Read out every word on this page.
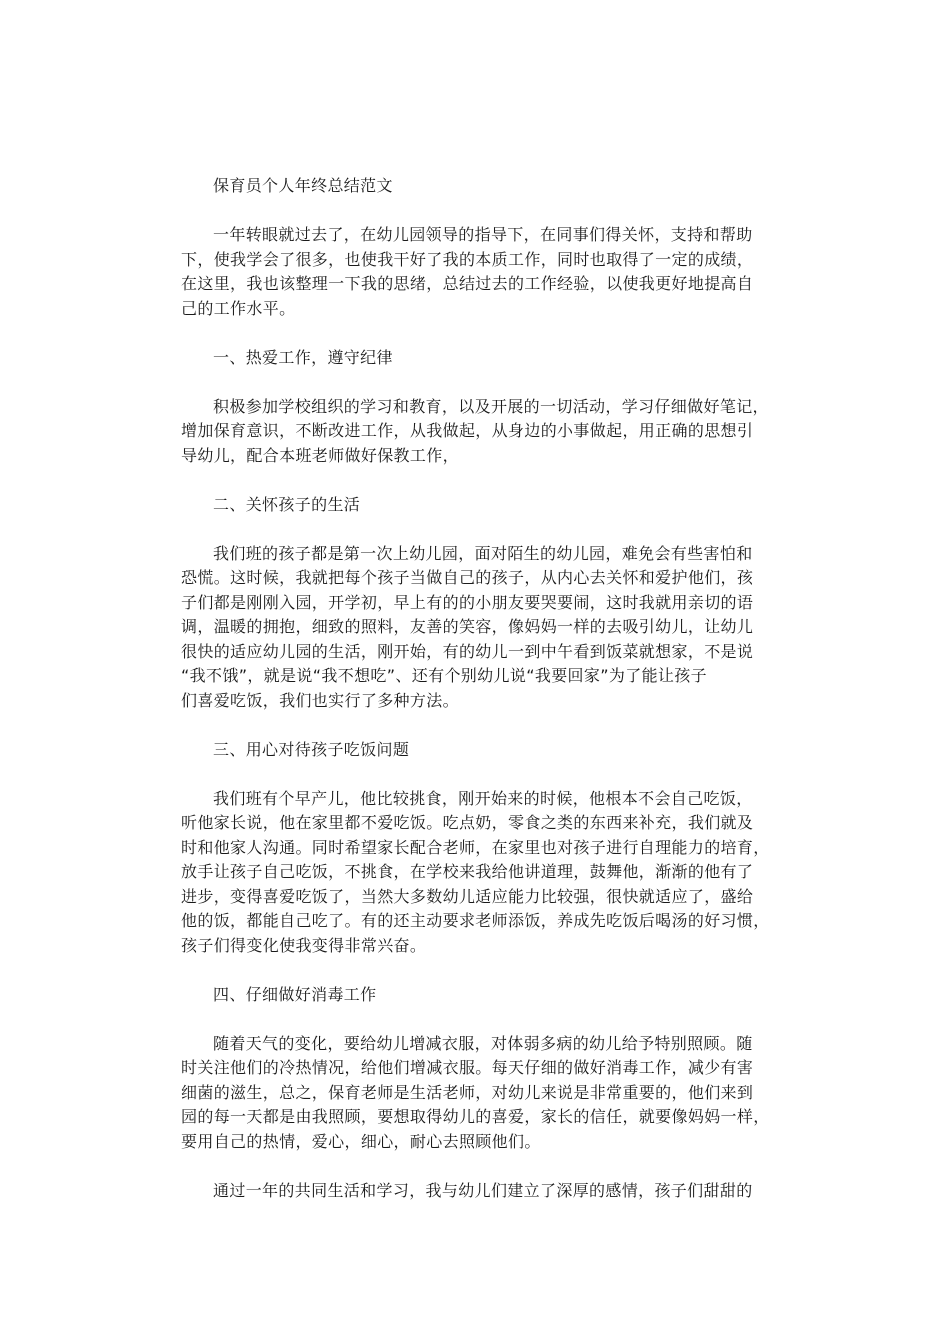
保育员个人年终总结范文
一年转眼就过去了，在幼儿园领导的指导下，在同事们得关怀，支持和帮助
下，使我学会了很多，也使我干好了我的本质工作，同时也取得了一定的成绩，
在这里，我也该整理一下我的思绪，总结过去的工作经验，以使我更好地提高自
己的工作水平。
一、热爱工作，遵守纪律
积极参加学校组织的学习和教育，以及开展的一切活动，学习仔细做好笔记，
增加保育意识，不断改进工作，从我做起，从身边的小事做起，用正确的思想引
导幼儿，配合本班老师做好保教工作，
二、关怀孩子的生活
我们班的孩子都是第一次上幼儿园，面对陌生的幼儿园，难免会有些害怕和
恐慌。这时候，我就把每个孩子当做自己的孩子，从内心去关怀和爱护他们，孩
子们都是刚刚入园，开学初，早上有的的小朋友要哭要闹，这时我就用亲切的语
调，温暖的拥抱，细致的照料，友善的笑容，像妈妈一样的去吸引幼儿，让幼儿
很快的适应幼儿园的生活，刚开始，有的幼儿一到中午看到饭菜就想家，不是说
“我不饿”，就是说“我不想吃”、还有个别幼儿说“我要回家”为了能让孩子
们喜爱吃饭，我们也实行了多种方法。
三、用心对待孩子吃饭问题
我们班有个早产儿，他比较挑食，刚开始来的时候，他根本不会自己吃饭，
听他家长说，他在家里都不爱吃饭。吃点奶，零食之类的东西来补充，我们就及
时和他家人沟通。同时希望家长配合老师，在家里也对孩子进行自理能力的培育，
放手让孩子自己吃饭，不挑食，在学校来我给他讲道理，鼓舞他，渐渐的他有了
进步，变得喜爱吃饭了，当然大多数幼儿适应能力比较强，很快就适应了，盛给
他的饭，都能自己吃了。有的还主动要求老师添饭，养成先吃饭后喝汤的好习惯，
孩子们得变化使我变得非常兴奋。
四、仔细做好消毒工作
随着天气的变化，要给幼儿增减衣服，对体弱多病的幼儿给予特别照顾。随
时关注他们的冷热情况，给他们增减衣服。每天仔细的做好消毒工作，减少有害
细菌的滋生，总之，保育老师是生活老师，对幼儿来说是非常重要的，他们来到
园的每一天都是由我照顾，要想取得幼儿的喜爱，家长的信任，就要像妈妈一样，
要用自己的热情，爱心，细心，耐心去照顾他们。
通过一年的共同生活和学习，我与幼儿们建立了深厚的感情，孩子们甜甜的
